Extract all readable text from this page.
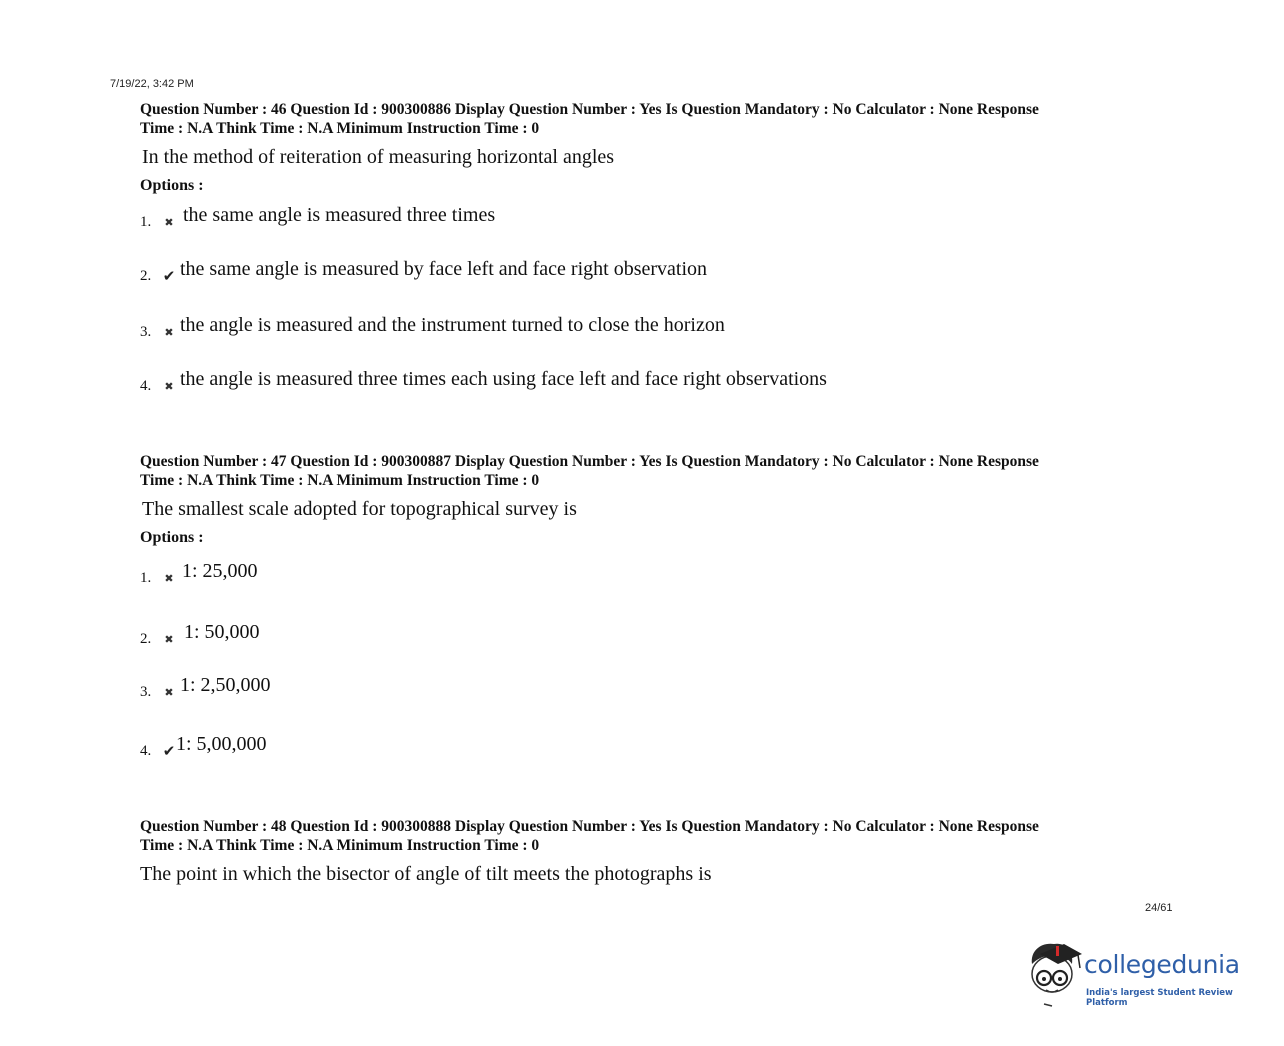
7/19/22, 3:42 PM

Question Number : 46 Question Id : 900300886 Display Question Number : Yes Is Question Mandatory : No Calculator : None Response
Time : N.A Think Time : N.A Minimum Instruction Time : 0

In the method of reiteration of measuring horizontal angles

Options :

1.	✖ the same angle is measured three times
2. ✔ the same angle is measured by face left and face right observation
3.	✖ the angle is measured and the instrument turned to close the horizon
4.	✖ the angle is measured three times each using face left and face right observations

Question Number : 47 Question Id : 900300887 Display Question Number : Yes Is Question Mandatory : No Calculator : None Response
Time : N.A Think Time : N.A Minimum Instruction Time : 0

The smallest scale adopted for topographical survey is

Options :

1.	✖ 1: 25,000
2.	✖ 1: 50,000
3.	✖ 1: 2,50,000
4. ✔ 1: 5,00,000

Question Number : 48 Question Id : 900300888 Display Question Number : Yes Is Question Mandatory : No Calculator : None Response
Time : N.A Think Time : N.A Minimum Instruction Time : 0

The point in which the bisector of angle of tilt meets the photographs is

24/61
collegedunia
India's largest Student Review Platform
